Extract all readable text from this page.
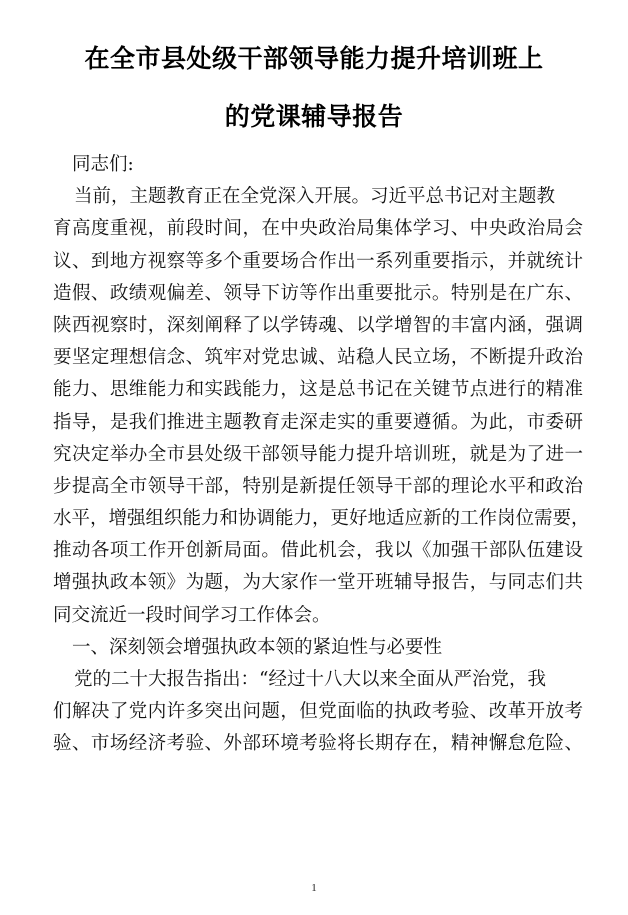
在全市县处级干部领导能力提升培训班上
的党课辅导报告
同志们:
当前，主题教育正在全党深入开展。习近平总书记对主题教
育高度重视，前段时间，在中央政治局集体学习、中央政治局会
议、到地方视察等多个重要场合作出一系列重要指示，并就统计
造假、政绩观偏差、领导下访等作出重要批示。特别是在广东、
陕西视察时，深刻阐释了以学铸魂、以学增智的丰富内涵，强调
要坚定理想信念、筑牢对党忠诚、站稳人民立场，不断提升政治
能力、思维能力和实践能力，这是总书记在关键节点进行的精准
指导，是我们推进主题教育走深走实的重要遵循。为此，市委研
究决定举办全市县处级干部领导能力提升培训班，就是为了进一
步提高全市领导干部，特别是新提任领导干部的理论水平和政治
水平，增强组织能力和协调能力，更好地适应新的工作岗位需要，
推动各项工作开创新局面。借此机会，我以《加强干部队伍建设
增强执政本领》为题，为大家作一堂开班辅导报告，与同志们共
同交流近一段时间学习工作体会。
一、深刻领会增强执政本领的紧迫性与必要性
党的二十大报告指出：“经过十八大以来全面从严治党，我
们解决了党内许多突出问题，但党面临的执政考验、改革开放考
验、市场经济考验、外部环境考验将长期存在，精神懈怠危险、
1
